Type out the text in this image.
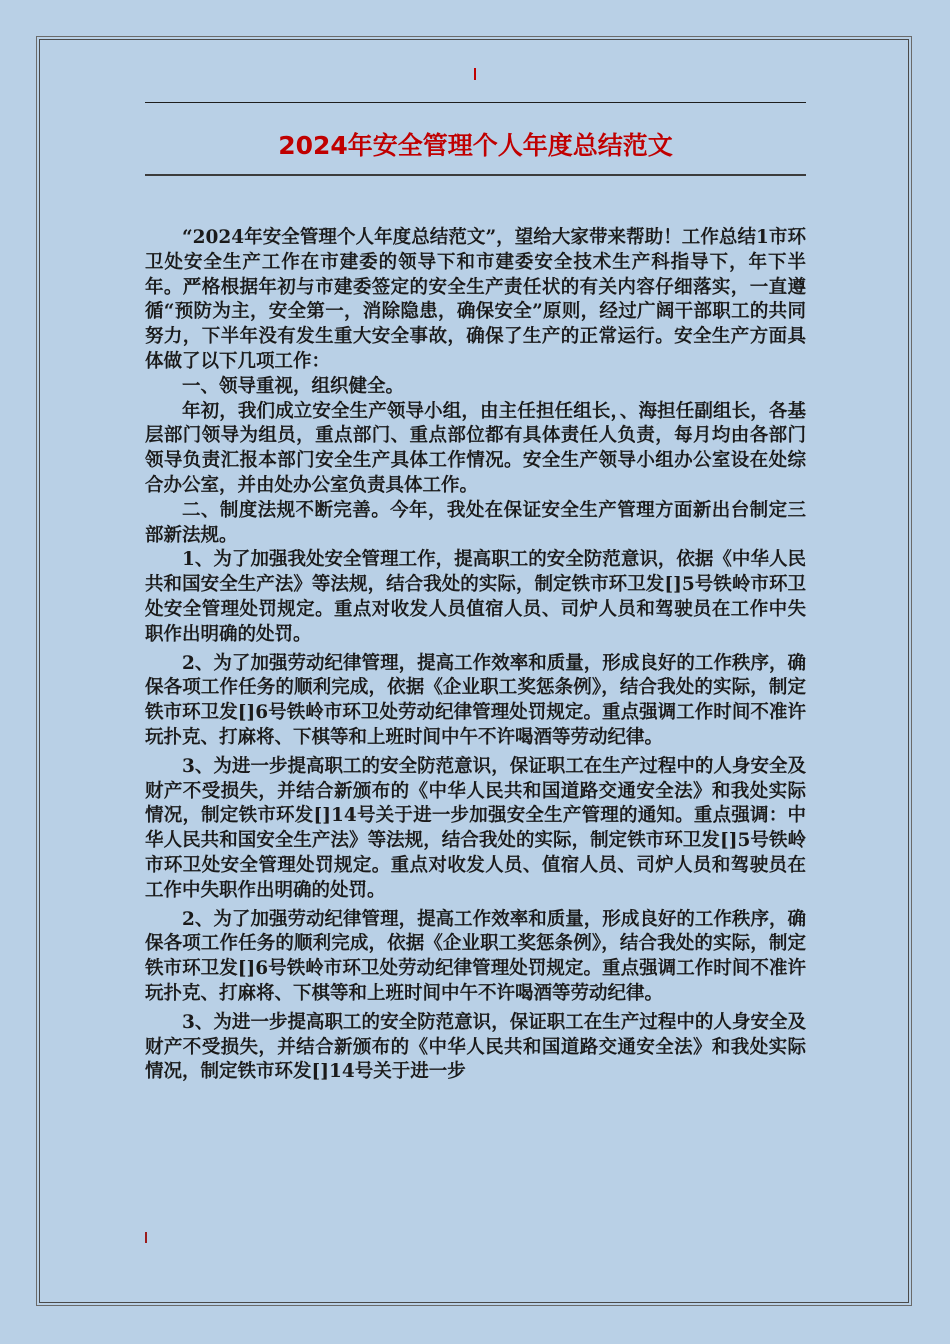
2024年安全管理个人年度总结范文

“2024年安全管理个人年度总结范文”，望给大家带来帮助！工作总结1市环卫处安全生产工作在市建委的领导下和市建委安全技术生产科指导下，年下半年。严格根据年初与市建委签定的安全生产责任状的有关内容仔细落实，一直遵循“预防为主，安全第一，消除隐患，确保安全”原则，经过广阔干部职工的共同努力，下半年没有发生重大安全事故，确保了生产的正常运行。安全生产方面具体做了以下几项工作：

一、领导重视，组织健全。

年初，我们成立安全生产领导小组，由主任担任组长，、海担任副组长，各基层部门领导为组员，重点部门、重点部位都有具体责任人负责，每月均由各部门领导负责汇报本部门安全生产具体工作情况。安全生产领导小组办公室设在处综合办公室，并由处办公室负责具体工作。

二、制度法规不断完善。今年，我处在保证安全生产管理方面新出台制定三部新法规。

1、为了加强我处安全管理工作，提高职工的安全防范意识，依据《中华人民共和国安全生产法》等法规，结合我处的实际，制定铁市环卫发[]5号铁岭市环卫处安全管理处罚规定。重点对收发人员值宿人员、司炉人员和驾驶员在工作中失职作出明确的处罚。

2、为了加强劳动纪律管理，提高工作效率和质量，形成良好的工作秩序，确保各项工作任务的顺利完成，依据《企业职工奖惩条例》，结合我处的实际，制定铁市环卫发[]6号铁岭市环卫处劳动纪律管理处罚规定。重点强调工作时间不准许玩扑克、打麻将、下棋等和上班时间中午不许喝酒等劳动纪律。

3、为进一步提高职工的安全防范意识，保证职工在生产过程中的人身安全及财产不受损失，并结合新颁布的《中华人民共和国道路交通安全法》和我处实际情况，制定铁市环发[]14号关于进一步加强安全生产管理的通知。重点强调：中华人民共和国安全生产法》等法规，结合我处的实际，制定铁市环卫发[]5号铁岭市环卫处安全管理处罚规定。重点对收发人员、值宿人员、司炉人员和驾驶员在工作中失职作出明确的处罚。

2、为了加强劳动纪律管理，提高工作效率和质量，形成良好的工作秩序，确保各项工作任务的顺利完成，依据《企业职工奖惩条例》，结合我处的实际，制定铁市环卫发[]6号铁岭市环卫处劳动纪律管理处罚规定。重点强调工作时间不准许玩扑克、打麻将、下棋等和上班时间中午不许喝酒等劳动纪律。

3、为进一步提高职工的安全防范意识，保证职工在生产过程中的人身安全及财产不受损失，并结合新颁布的《中华人民共和国道路交通安全法》和我处实际情况，制定铁市环发[]14号关于进一步
